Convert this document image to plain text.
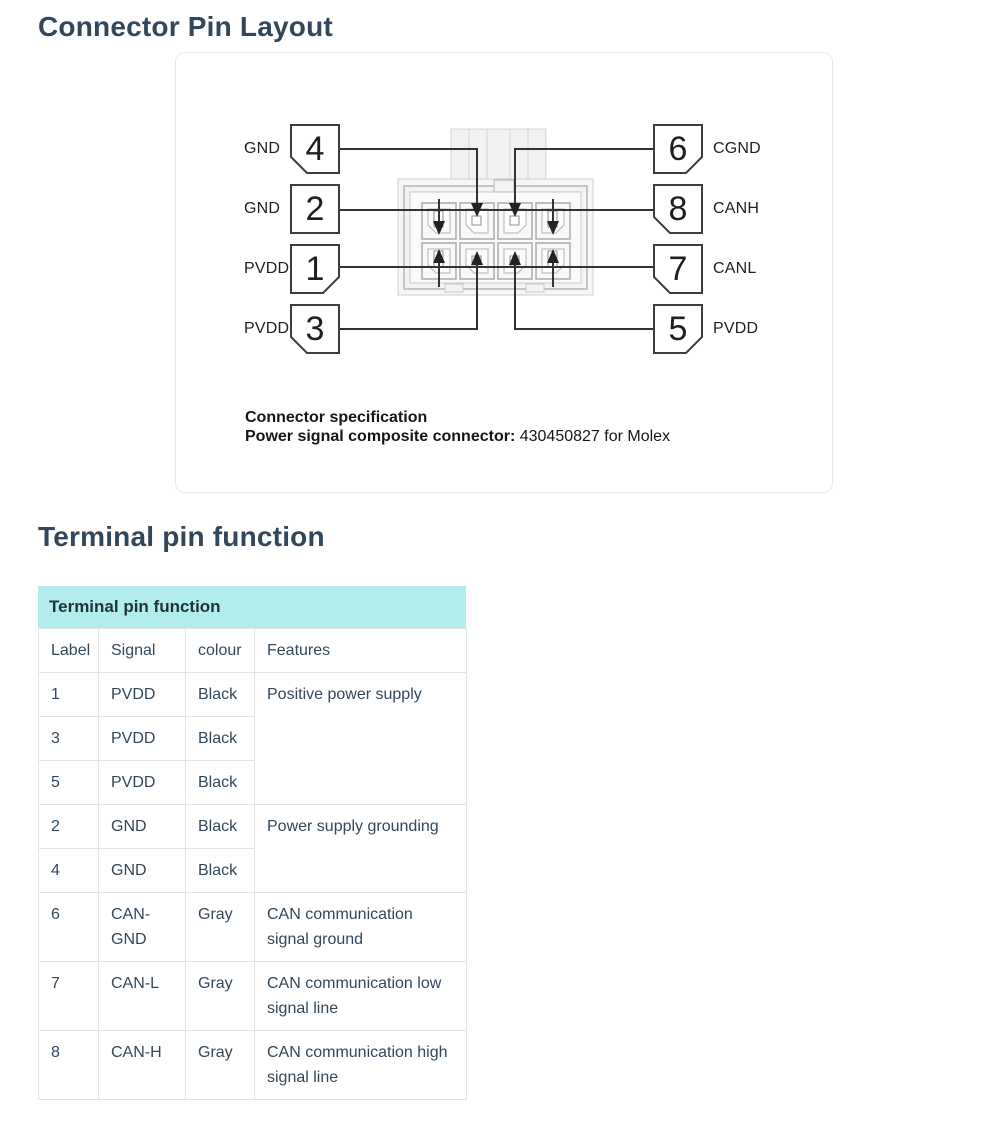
Connector Pin Layout
GND
GND
PVDD
PVDD
4
2
1
3
6
8
7
5
CGND
CANH
CANL
PVDD
Connector specification
Power signal composite connector: 430450827 for Molex
Terminal pin function
Terminal pin function
Label	Signal	colour	Features
1	PVDD	Black	Positive power supply
3	PVDD	Black	
5	PVDD	Black	
2	GND	Black	Power supply grounding
4	GND	Black	
6	CAN-GND	Gray	CAN communication signal ground
7	CAN-L	Gray	CAN communication low signal line
8	CAN-H	Gray	CAN communication high signal line
